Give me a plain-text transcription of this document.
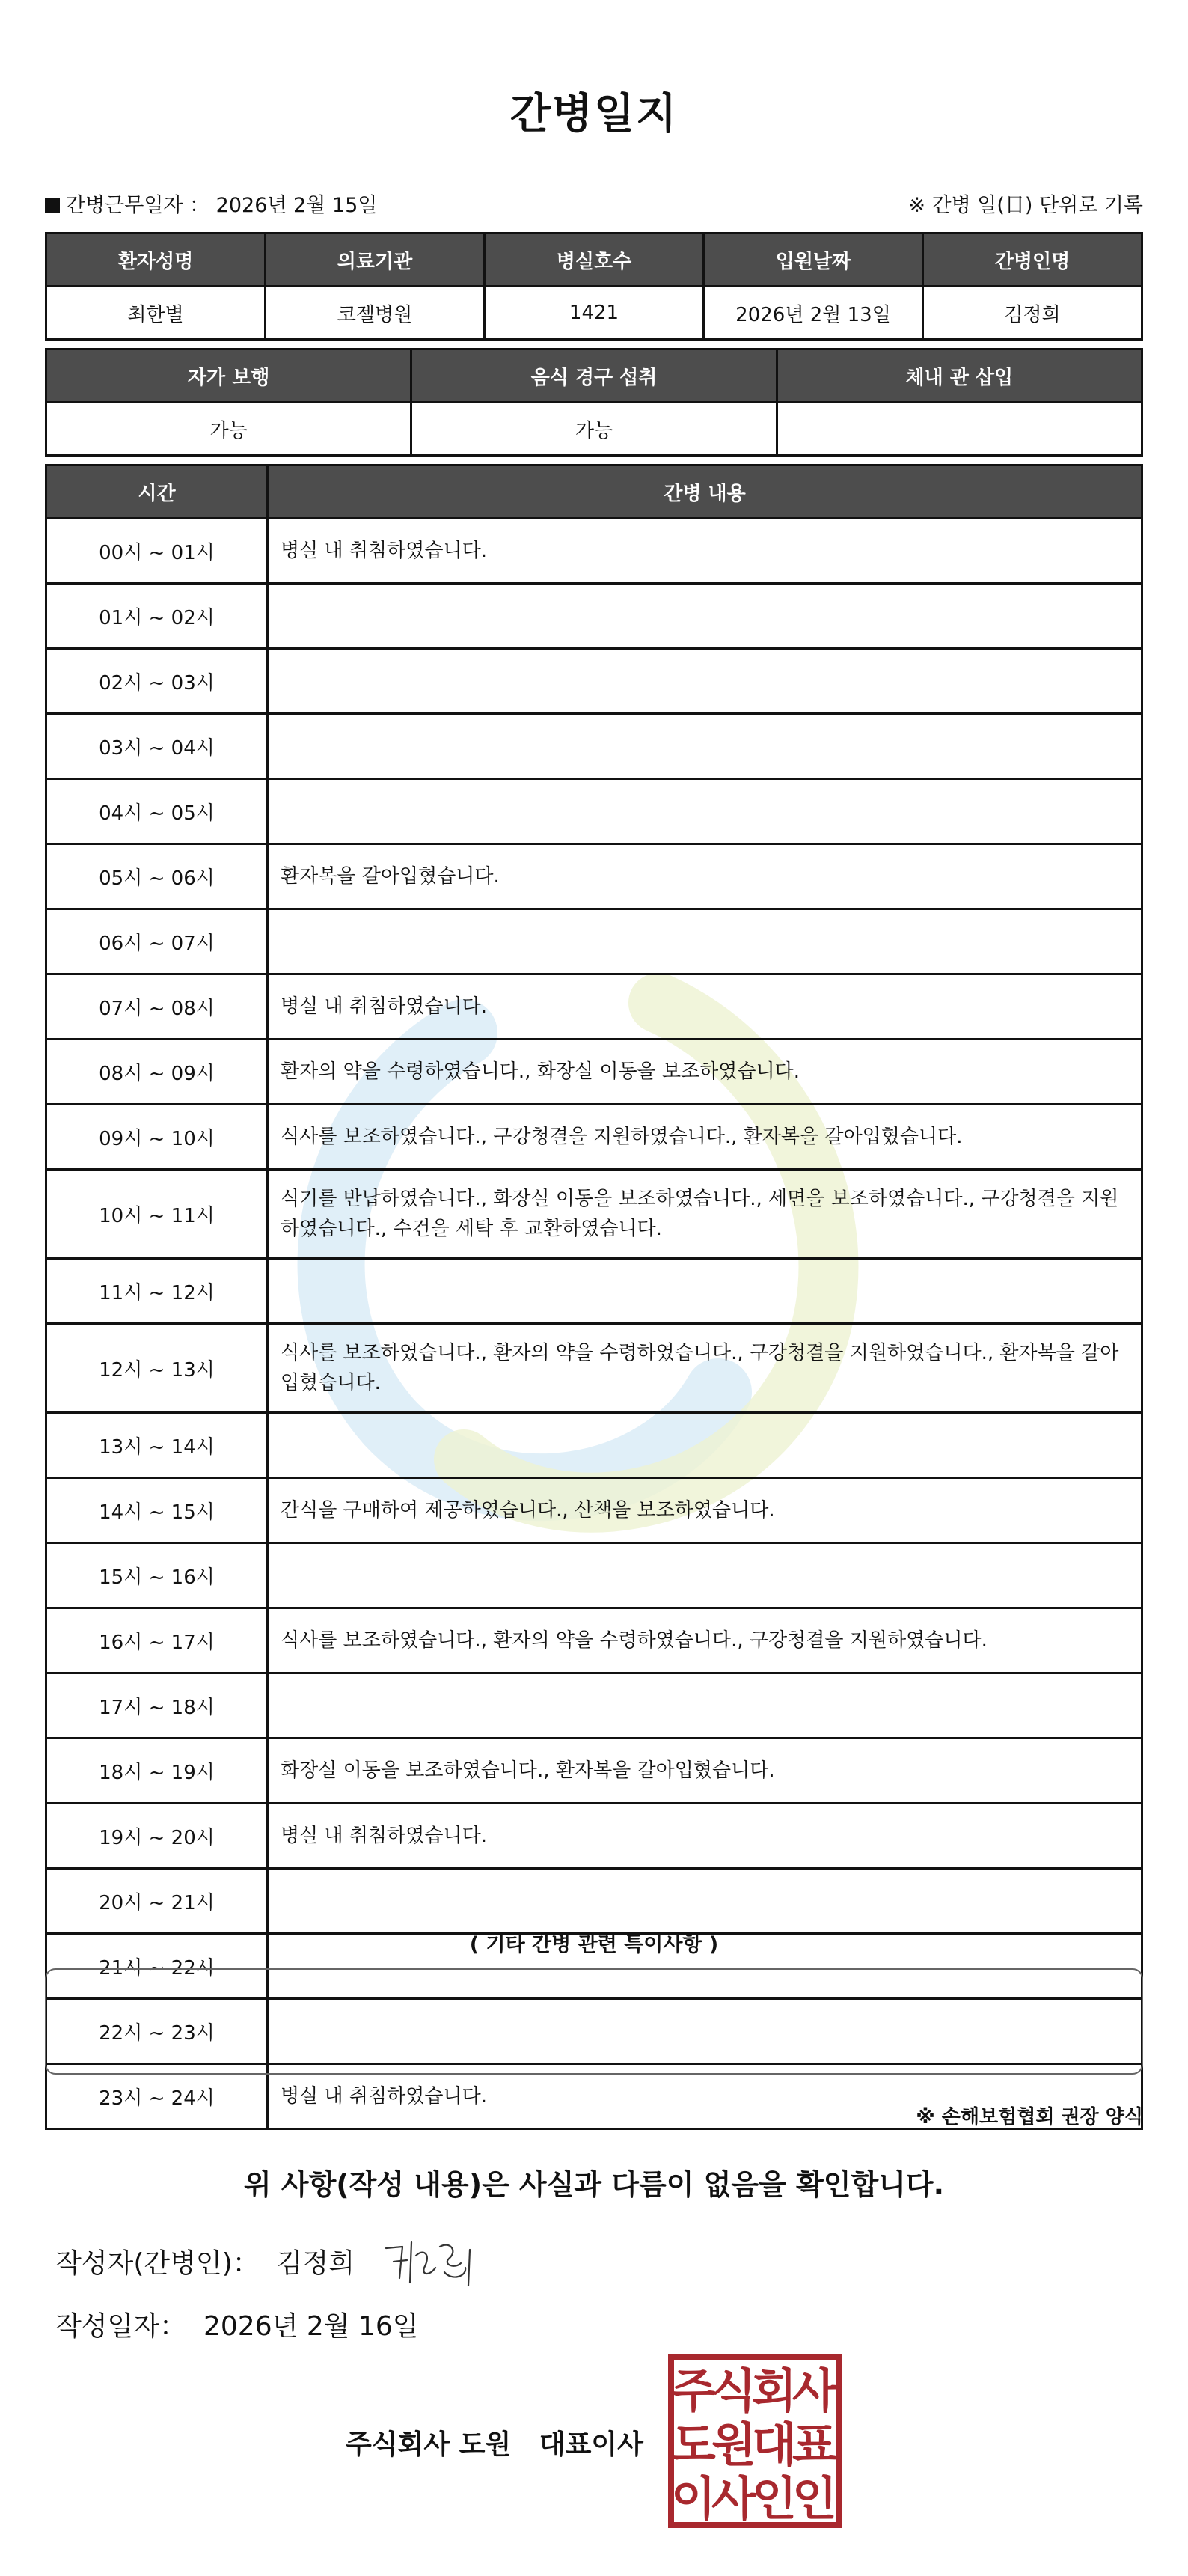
간병일지
간병근무일자 ： 2026년 2월 15일	※ 간병 일(日) 단위로 기록
환자성명	의료기관	병실호수	입원날짜	간병인명
최한별	코젤병원	1421	2026년 2월 13일	김정희
자가 보행	음식 경구 섭취	체내 관 삽입
가능	가능	
시간	간병 내용
00시 ~ 01시	병실 내 취침하였습니다.
01시 ~ 02시	
02시 ~ 03시	
03시 ~ 04시	
04시 ~ 05시	
05시 ~ 06시	환자복을 갈아입혔습니다.
06시 ~ 07시	
07시 ~ 08시	병실 내 취침하였습니다.
08시 ~ 09시	환자의 약을 수령하였습니다., 화장실 이동을 보조하였습니다.
09시 ~ 10시	식사를 보조하였습니다., 구강청결을 지원하였습니다., 환자복을 갈아입혔습니다.
10시 ~ 11시	식기를 반납하였습니다., 화장실 이동을 보조하였습니다., 세면을 보조하였습니다., 구강청결을 지원하였습니다., 수건을 세탁 후 교환하였습니다.
11시 ~ 12시	
12시 ~ 13시	식사를 보조하였습니다., 환자의 약을 수령하였습니다., 구강청결을 지원하였습니다., 환자복을 갈아입혔습니다.
13시 ~ 14시	
14시 ~ 15시	간식을 구매하여 제공하였습니다., 산책을 보조하였습니다.
15시 ~ 16시	
16시 ~ 17시	식사를 보조하였습니다., 환자의 약을 수령하였습니다., 구강청결을 지원하였습니다.
17시 ~ 18시	
18시 ~ 19시	화장실 이동을 보조하였습니다., 환자복을 갈아입혔습니다.
19시 ~ 20시	병실 내 취침하였습니다.
20시 ~ 21시	
21시 ~ 22시	
22시 ~ 23시	
23시 ~ 24시	병실 내 취침하였습니다.
( 기타 간병 관련 특이사항 )
※ 손해보험협회 권장 양식
위 사항(작성 내용)은 사실과 다름이 없음을 확인합니다.
작성자(간병인)： 김정희
작성일자： 2026년 2월 16일
주식회사 도원 대표이사
주
식
회
사
도
원
대
표
이
사
인
인
